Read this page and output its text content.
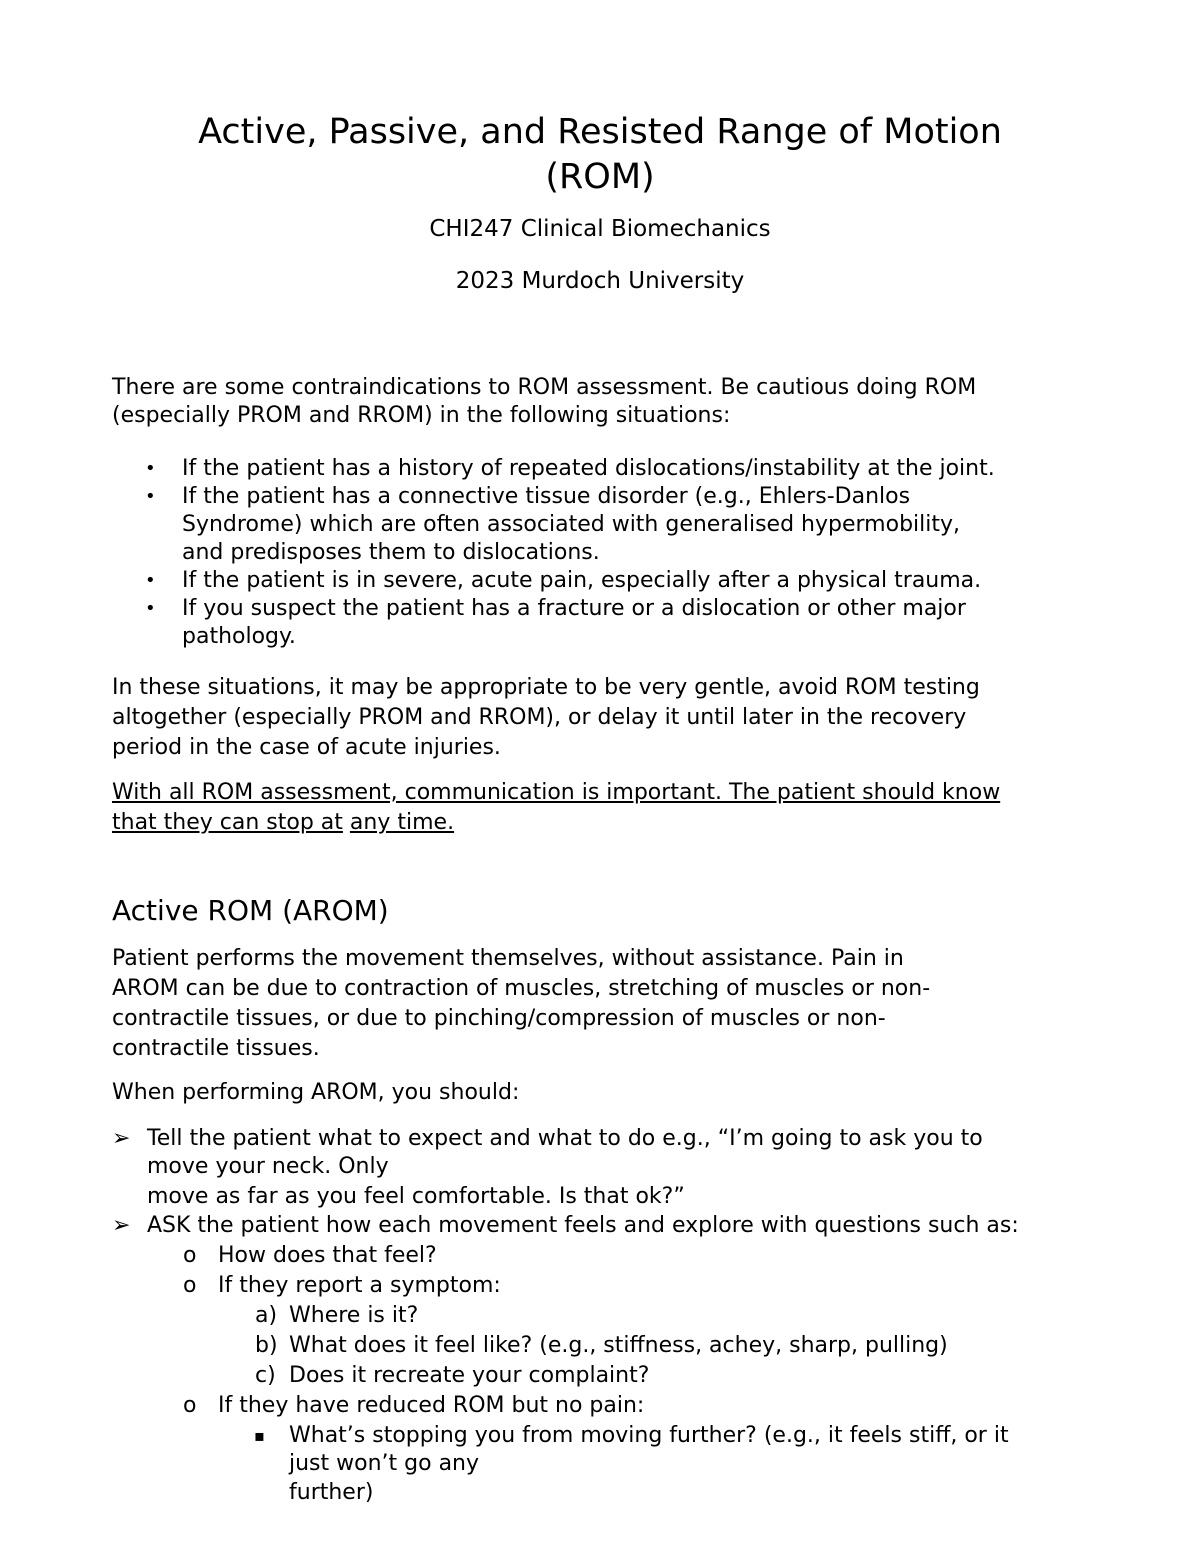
Active, Passive, and Resisted Range of Motion
(ROM)
CHI247 Clinical Biomechanics
2023 Murdoch University
There are some contraindications to ROM assessment. Be cautious doing ROM
(especially PROM and RROM) in the following situations:
• If the patient has a history of repeated dislocations/instability at the joint.
• If the patient has a connective tissue disorder (e.g., Ehlers-Danlos
Syndrome) which are often associated with generalised hypermobility,
and predisposes them to dislocations.
• If the patient is in severe, acute pain, especially after a physical trauma.
• If you suspect the patient has a fracture or a dislocation or other major
pathology.
In these situations, it may be appropriate to be very gentle, avoid ROM testing
altogether (especially PROM and RROM), or delay it until later in the recovery
period in the case of acute injuries.
With all ROM assessment, communication is important. The patient should know
that they can stop at any time.
Active ROM (AROM)
Patient performs the movement themselves, without assistance. Pain in
AROM can be due to contraction of muscles, stretching of muscles or non-
contractile tissues, or due to pinching/compression of muscles or non-
contractile tissues.
When performing AROM, you should:
➢ Tell the patient what to expect and what to do e.g., “I’m going to ask you to
move your neck. Only
move as far as you feel comfortable. Is that ok?”
➢ ASK the patient how each movement feels and explore with questions such as:
o How does that feel?
o If they report a symptom:
a) Where is it?
b) What does it feel like? (e.g., stiffness, achey, sharp, pulling)
c) Does it recreate your complaint?
o If they have reduced ROM but no pain:
▪ What’s stopping you from moving further? (e.g., it feels stiff, or it
just won’t go any
further)
